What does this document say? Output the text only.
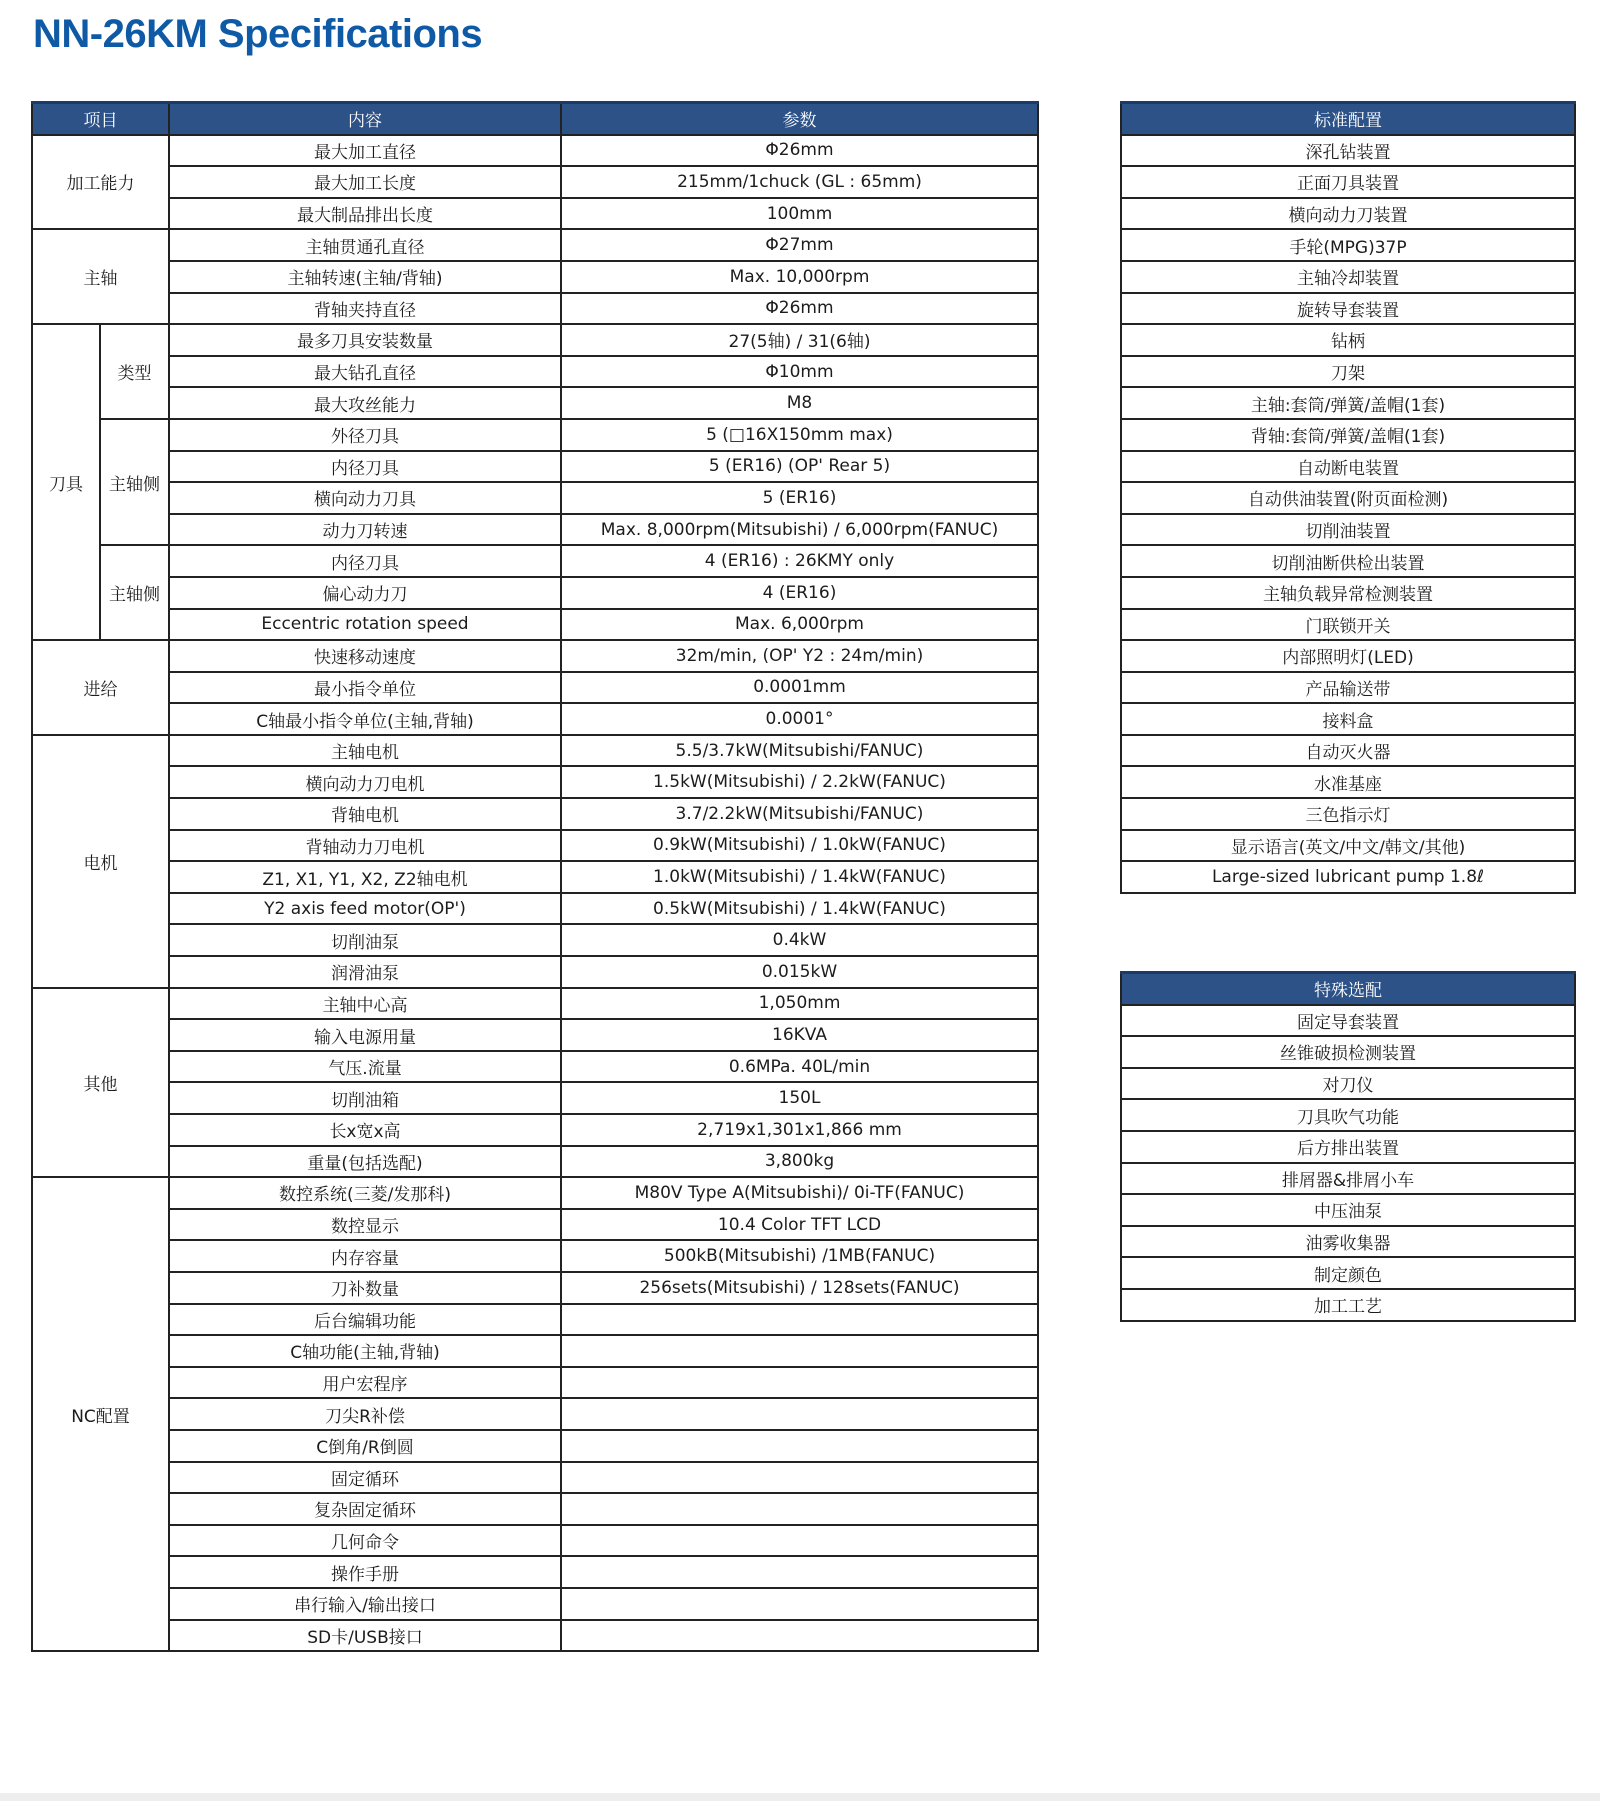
NN-26KM Specifications
项目		内容	参数
加工能力		最大加工直径	Φ26mm
		最大加工长度	215mm/1chuck (GL : 65mm)
		最大制品排出长度	100mm
主轴		主轴贯通孔直径	Φ27mm
		主轴转速(主轴/背轴)	Max. 10,000rpm
		背轴夹持直径	Φ26mm
刀具	类型	最多刀具安装数量	27(5轴) / 31(6轴)
		最大钻孔直径	Φ10mm
		最大攻丝能力	M8
	主轴侧	外径刀具	5 (□16X150mm max)
		内径刀具	5 (ER16) (OP' Rear 5)
		横向动力刀具	5 (ER16)
		动力刀转速	Max. 8,000rpm(Mitsubishi) / 6,000rpm(FANUC)
	主轴侧	内径刀具	4 (ER16) : 26KMY only
		偏心动力刀	4 (ER16)
		Eccentric rotation speed	Max. 6,000rpm
进给		快速移动速度	32m/min, (OP' Y2 : 24m/min)
		最小指令单位	0.0001mm
		C轴最小指令单位(主轴,背轴)	0.0001°
电机		主轴电机	5.5/3.7kW(Mitsubishi/FANUC)
		横向动力刀电机	1.5kW(Mitsubishi) / 2.2kW(FANUC)
		背轴电机	3.7/2.2kW(Mitsubishi/FANUC)
		背轴动力刀电机	0.9kW(Mitsubishi) / 1.0kW(FANUC)
		Z1, X1, Y1, X2, Z2轴电机	1.0kW(Mitsubishi) / 1.4kW(FANUC)
		Y2 axis feed motor(OP')	0.5kW(Mitsubishi) / 1.4kW(FANUC)
		切削油泵	0.4kW
		润滑油泵	0.015kW
其他		主轴中心高	1,050mm
		输入电源用量	16KVA
		气压.流量	0.6MPa. 40L/min
		切削油箱	150L
		长x宽x高	2,719x1,301x1,866 mm
		重量(包括选配)	3,800kg
NC配置		数控系统(三菱/发那科)	M80V Type A(Mitsubishi)/ 0i-TF(FANUC)
		数控显示	10.4 Color TFT LCD
		内存容量	500kB(Mitsubishi) /1MB(FANUC)
		刀补数量	256sets(Mitsubishi) / 128sets(FANUC)
		后台编辑功能	
		C轴功能(主轴,背轴)	
		用户宏程序	
		刀尖R补偿	
		C倒角/R倒圆	
		固定循环	
		复杂固定循环	
		几何命令	
		操作手册	
		串行输入/输出接口	
		SD卡/USB接口	
标准配置
深孔钻装置
正面刀具装置
横向动力刀装置
手轮(MPG)37P
主轴冷却装置
旋转导套装置
钻柄
刀架
主轴:套筒/弹簧/盖帽(1套)
背轴:套筒/弹簧/盖帽(1套)
自动断电装置
自动供油装置(附页面检测)
切削油装置
切削油断供检出装置
主轴负载异常检测装置
门联锁开关
内部照明灯(LED)
产品输送带
接料盒
自动灭火器
水准基座
三色指示灯
显示语言(英文/中文/韩文/其他)
Large-sized lubricant pump 1.8ℓ
特殊选配
固定导套装置
丝锥破损检测装置
对刀仪
刀具吹气功能
后方排出装置
排屑器&排屑小车
中压油泵
油雾收集器
制定颜色
加工工艺
